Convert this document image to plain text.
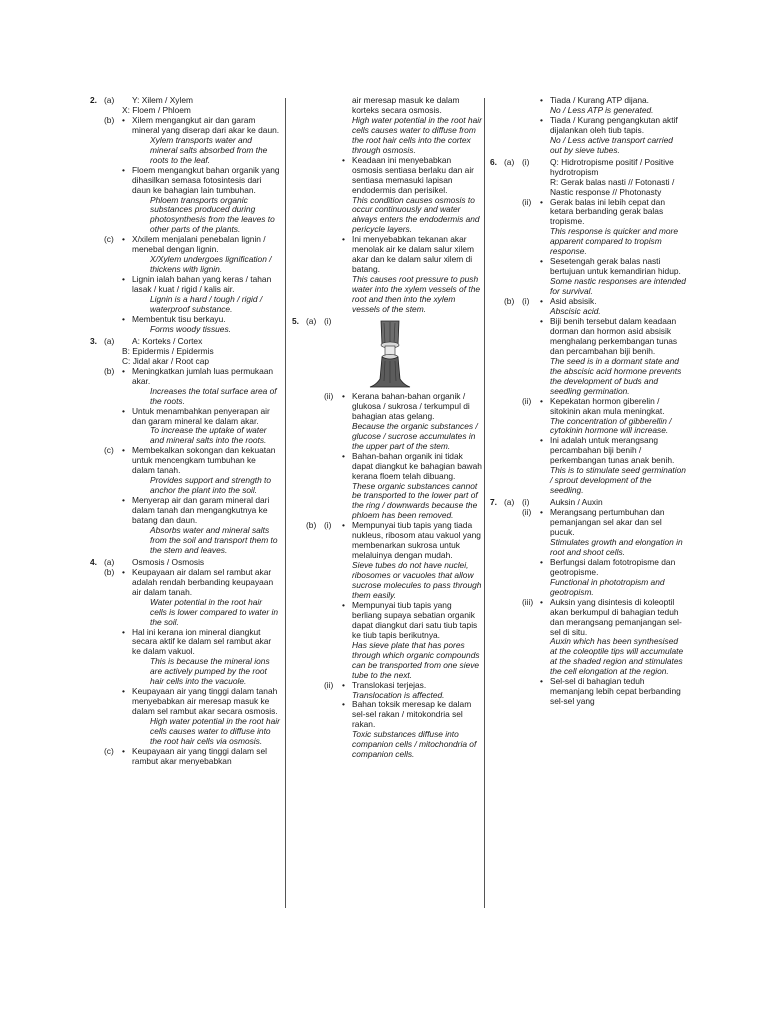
2. (a)	Y: Xilem / Xylem
X: Floem / Phloem
(b) • Xilem mengangkut air dan garam mineral yang diserap dari akar ke daun.
Xylem transports water and mineral salts absorbed from the roots to the leaf.
• Floem mengangkut bahan organik yang dihasilkan semasa fotosintesis dari daun ke bahagian lain tumbuhan.
Phloem transports organic substances produced during photosynthesis from the leaves to other parts of the plants.
(c) • X/xilem menjalani penebalan lignin / menebal dengan lignin.
X/Xylem undergoes lignification / thickens with lignin.
• Lignin ialah bahan yang keras / tahan lasak / kuat / rigid / kalis air.
Lignin is a hard / tough / rigid / waterproof substance.
• Membentuk tisu berkayu.
Forms woody tissues.
3. (a)	A: Korteks / Cortex
B: Epidermis / Epidermis
C: Jidal akar / Root cap
(b) • Meningkatkan jumlah luas permukaan akar.
Increases the total surface area of the roots.
• Untuk menambahkan penyerapan air dan garam mineral ke dalam akar.
To increase the uptake of water and mineral salts into the roots.
(c) • Membekalkan sokongan dan kekuatan untuk mencengkam tumbuhan ke dalam tanah.
Provides support and strength to anchor the plant into the soil.
• Menyerap air dan garam mineral dari dalam tanah dan mengangkutnya ke batang dan daun.
Absorbs water and mineral salts from the soil and transport them to the stem and leaves.
4. (a)	Osmosis / Osmosis
(b) • Keupayaan air dalam sel rambut akar adalah rendah berbanding keupayaan air dalam tanah.
Water potential in the root hair cells is lower compared to water in the soil.
• Hal ini kerana ion mineral diangkut secara aktif ke dalam sel rambut akar ke dalam vakuol.
This is because the mineral ions are actively pumped by the root hair cells into the vacuole.
• Keupayaan air yang tinggi dalam tanah menyebabkan air meresap masuk ke dalam sel rambut akar secara osmosis.
High water potential in the root hair cells causes water to diffuse into the root hair cells via osmosis.
(c) • Keupayaan air yang tinggi dalam sel rambut akar menyebabkan
air meresap masuk ke dalam korteks secara osmosis.
High water potential in the root hair cells causes water to diffuse from the root hair cells into the cortex through osmosis.
• Keadaan ini menyebabkan osmosis sentiasa berlaku dan air sentiasa memasuki lapisan endodermis dan perisikel.
This condition causes osmosis to occur continuously and water always enters the endodermis and pericycle layers.
• Ini menyebabkan tekanan akar menolak air ke dalam salur xilem akar dan ke dalam salur xilem di batang.
This causes root pressure to push water into the xylem vessels of the root and then into the xylem vessels of the stem.
5. (a) (i)
(ii)	• Kerana bahan-bahan organik / glukosa / sukrosa / terkumpul di bahagian atas gelang.
Because the organic substances / glucose / sucrose accumulates in the upper part of the stem.
• Bahan-bahan organik ini tidak dapat diangkut ke bahagian bawah kerana floem telah dibuang.
These organic substances cannot be transported to the lower part of the ring / downwards because the phloem has been removed.
(b) (i)	• Mempunyai tiub tapis yang tiada nukleus, ribosom atau vakuol yang membenarkan sukrosa untuk melaluinya dengan mudah.
Sieve tubes do not have nuclei, ribosomes or vacuoles that allow sucrose molecules to pass through them easily.
• Mempunyai tiub tapis yang berliang supaya sebatian organik dapat diangkut dari satu tiub tapis ke tiub tapis berikutnya.
Has sieve plate that has pores through which organic compounds can be transported from one sieve tube to the next.
(ii)	• Translokasi terjejas.
Translocation is affected.
• Bahan toksik meresap ke dalam sel-sel rakan / mitokondria sel rakan.
Toxic substances diffuse into companion cells / mitochondria of companion cells.
• Tiada / Kurang ATP dijana.
No / Less ATP is generated.
• Tiada / Kurang pengangkutan aktif dijalankan oleh tiub tapis.
No / Less active transport carried out by sieve tubes.
6. (a) (i)	Q: Hidrotropisme positif / Positive hydrotropism
R: Gerak balas nasti // Fotonasti / Nastic response // Photonasty
(ii)	• Gerak balas ini lebih cepat dan ketara berbanding gerak balas tropisme.
This response is quicker and more apparent compared to tropism response.
• Sesetengah gerak balas nasti bertujuan untuk kemandirian hidup.
Some nastic responses are intended for survival.
(b) (i)	• Asid absisik.
Abscisic acid.
• Biji benih tersebut dalam keadaan dorman dan hormon asid absisik menghalang perkembangan tunas dan percambahan biji benih.
The seed is in a dormant state and the abscisic acid hormone prevents the development of buds and seedling germination.
(ii)	• Kepekatan hormon giberelin / sitokinin akan mula meningkat.
The concentration of gibberellin / cytokinin hormone will increase.
• Ini adalah untuk merangsang percambahan biji benih / perkembangan tunas anak benih.
This is to stimulate seed germination / sprout development of the seedling.
7. (a) (i)	Auksin / Auxin
(ii)	• Merangsang pertumbuhan dan pemanjangan sel akar dan sel pucuk.
Stimulates growth and elongation in root and shoot cells.
• Berfungsi dalam fototropisme dan geotropisme.
Functional in phototropism and geotropism.
(iii) • Auksin yang disintesis di koleoptil akan berkumpul di bahagian teduh dan merangsang pemanjangan sel-sel di situ.
Auxin which has been synthesised at the coleoptile tips will accumulate at the shaded region and stimulates the cell elongation at the region.
• Sel-sel di bahagian teduh memanjang lebih cepat berbanding sel-sel yang
